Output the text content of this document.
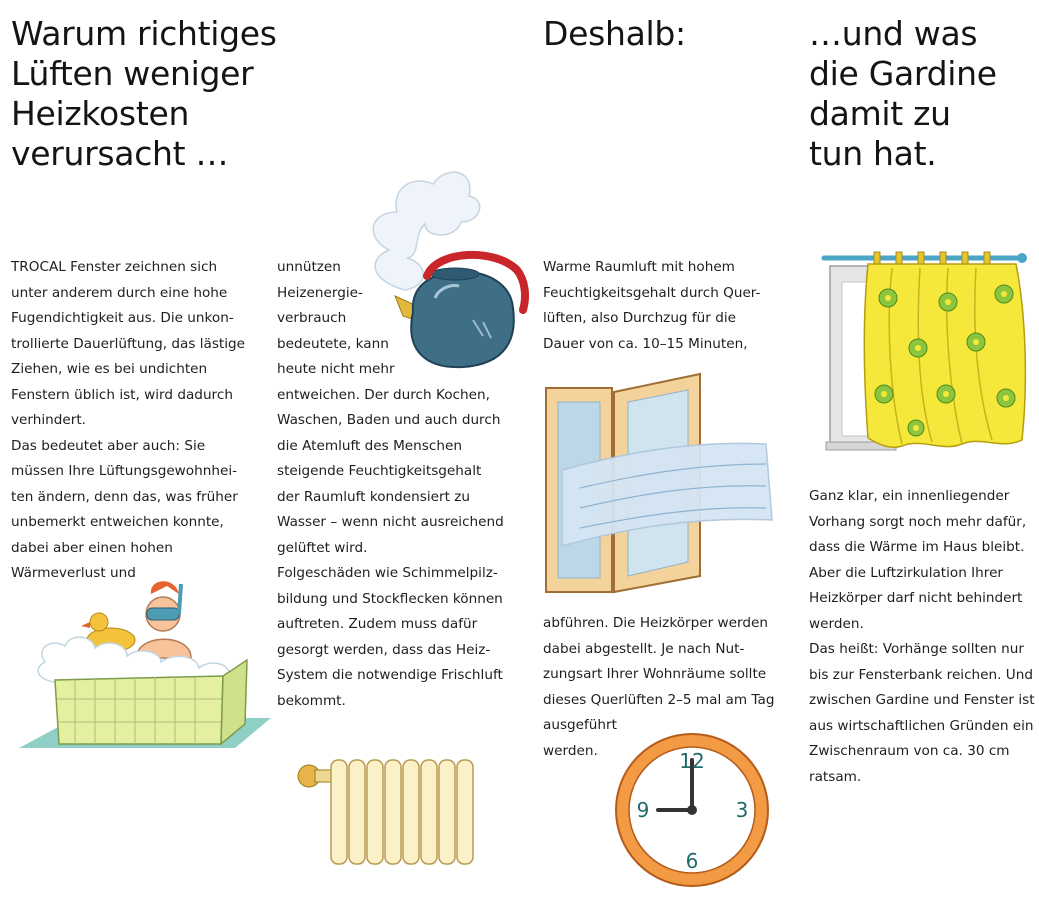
Warum richtiges
Lüften weniger
Heizkosten
verursacht …
Deshalb:	…und was
die Gardine
damit zu
tun hat.

TROCAL Fenster zeichnen sich
unter anderem durch eine hohe
Fugendichtigkeit aus. Die unkon-
trollierte Dauerlüftung, das lästige
Ziehen, wie es bei undichten
Fenstern üblich ist, wird dadurch
verhindert.

Das bedeutet aber auch: Sie
müssen Ihre Lüftungsgewohnhei-
ten ändern, denn das, was früher
unbemerkt entweichen konnte,
dabei aber einen hohen
Wärmeverlust und

unnützen
Heizenergie-
verbrauch
bedeutete, kann
heute nicht mehr
entweichen. Der durch Kochen,
Waschen, Baden und auch durch
die Atemluft des Menschen
steigende Feuchtigkeitsgehalt
der Raumluft kondensiert zu
Wasser – wenn nicht ausreichend
gelüftet wird.

Folgeschäden wie Schimmelpilz-
bildung und Stockflecken können
auftreten. Zudem muss dafür
gesorgt werden, dass das Heiz-
System die notwendige Frischluft
bekommt.

Warme Raumluft mit hohem
Feuchtigkeitsgehalt durch Quer-
lüften, also Durchzug für die
Dauer von ca. 10–15 Minuten,

abführen. Die Heizkörper werden
dabei abgestellt. Je nach Nut-
zungsart Ihrer Wohnräume sollte
dieses Querlüften 2–5 mal am Tag
ausgeführt
werden.

Ganz klar, ein innenliegender
Vorhang sorgt noch mehr dafür,
dass die Wärme im Haus bleibt.
Aber die Luftzirkulation Ihrer
Heizkörper darf nicht behindert
werden.

Das heißt: Vorhänge sollten nur
bis zur Fensterbank reichen. Und
zwischen Gardine und Fenster ist
aus wirtschaftlichen Gründen ein
Zwischenraum von ca. 30 cm
ratsam.

12
3
6
9
